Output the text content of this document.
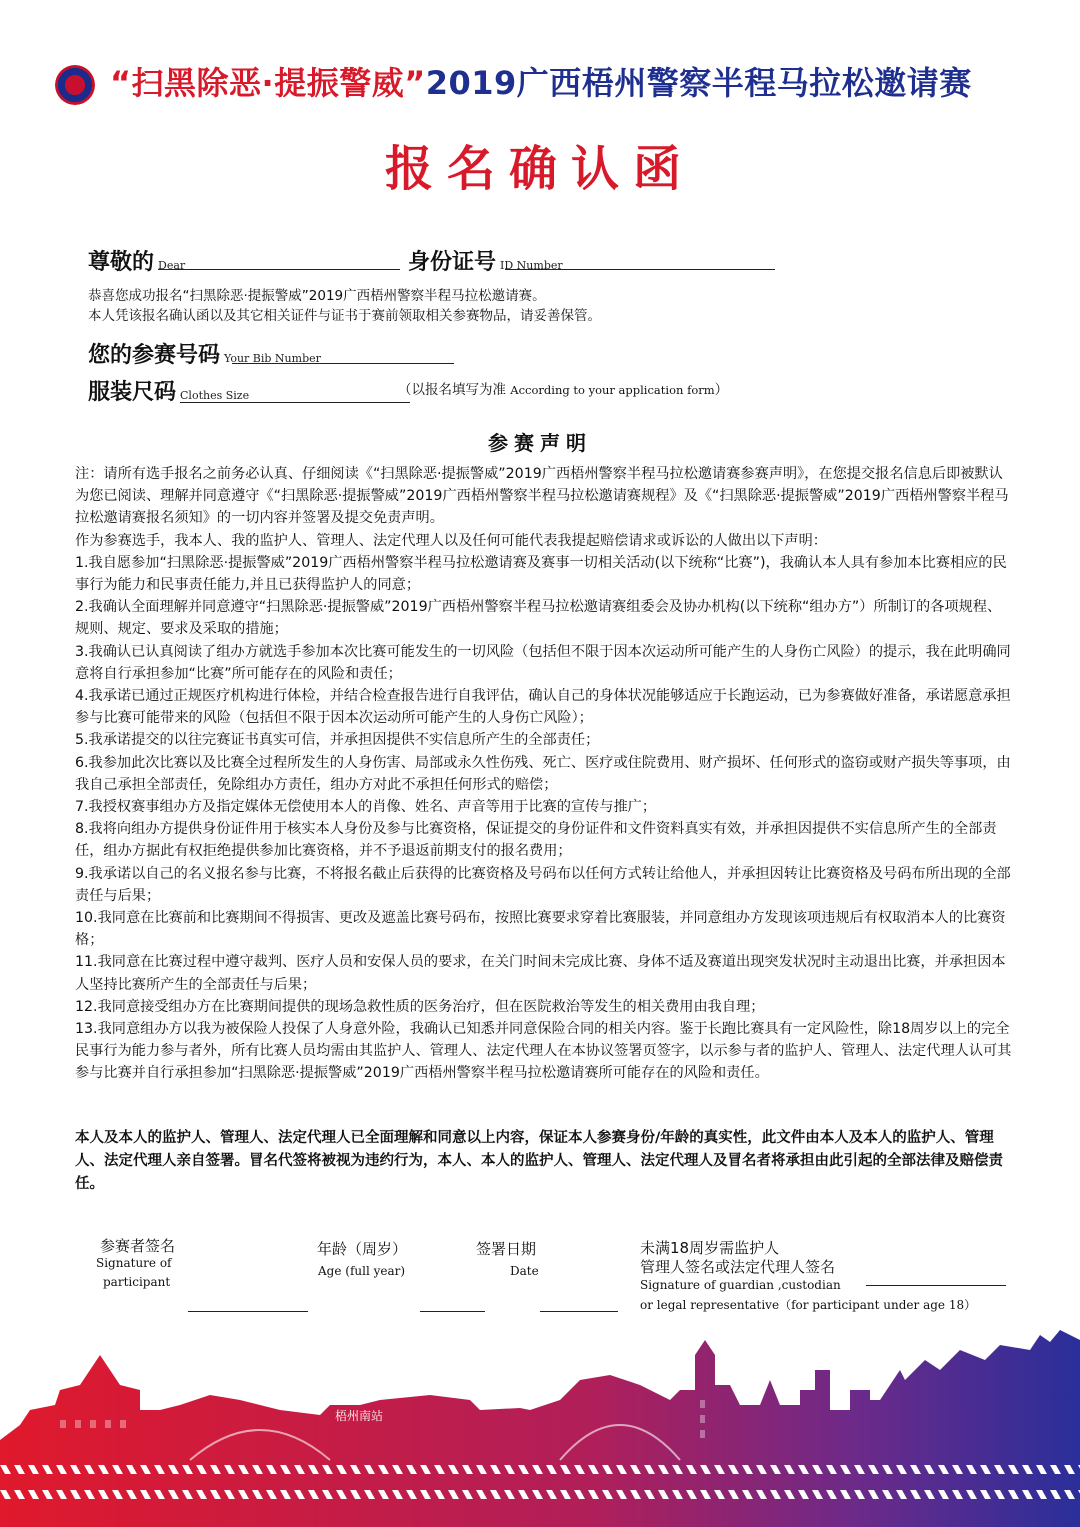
“扫黑除恶·提振警威”2019广西梧州警察半程马拉松邀请赛
报名确认函
尊敬的 Dear	身份证号 ID Number
恭喜您成功报名“扫黑除恶·提振警威”2019广西梧州警察半程马拉松邀请赛。
本人凭该报名确认函以及其它相关证件与证书于赛前领取相关参赛物品，请妥善保管。
您的参赛号码 Your Bib Number
服装尺码 Clothes Size	（以报名填写为准 According to your application form）
参赛声明

注：请所有选手报名之前务必认真、仔细阅读《“扫黑除恶·提振警威”2019广西梧州警察半程马拉松邀请赛参赛声明》，在您提交报名信息后即被默认为您已阅读、理解并同意遵守《“扫黑除恶·提振警威”2019广西梧州警察半程马拉松邀请赛规程》及《“扫黑除恶·提振警威”2019广西梧州警察半程马拉松邀请赛报名须知》的一切内容并签署及提交免责声明。

作为参赛选手，我本人、我的监护人、管理人、法定代理人以及任何可能代表我提起赔偿请求或诉讼的人做出以下声明：

1.我自愿参加“扫黑除恶·提振警威”2019广西梧州警察半程马拉松邀请赛及赛事一切相关活动(以下统称“比赛”)，我确认本人具有参加本比赛相应的民事行为能力和民事责任能力,并且已获得监护人的同意；

2.我确认全面理解并同意遵守“扫黑除恶·提振警威”2019广西梧州警察半程马拉松邀请赛组委会及协办机构(以下统称“组办方”）所制订的各项规程、规则、规定、要求及采取的措施；

3.我确认已认真阅读了组办方就选手参加本次比赛可能发生的一切风险（包括但不限于因本次运动所可能产生的人身伤亡风险）的提示，我在此明确同意将自行承担参加“比赛”所可能存在的风险和责任；

4.我承诺已通过正规医疗机构进行体检，并结合检查报告进行自我评估，确认自己的身体状况能够适应于长跑运动，已为参赛做好准备，承诺愿意承担参与比赛可能带来的风险（包括但不限于因本次运动所可能产生的人身伤亡风险）；

5.我承诺提交的以往完赛证书真实可信，并承担因提供不实信息所产生的全部责任；

6.我参加此次比赛以及比赛全过程所发生的人身伤害、局部或永久性伤残、死亡、医疗或住院费用、财产损坏、任何形式的盗窃或财产损失等事项，由我自己承担全部责任，免除组办方责任，组办方对此不承担任何形式的赔偿；

7.我授权赛事组办方及指定媒体无偿使用本人的肖像、姓名、声音等用于比赛的宣传与推广；

8.我将向组办方提供身份证件用于核实本人身份及参与比赛资格，保证提交的身份证件和文件资料真实有效，并承担因提供不实信息所产生的全部责任，组办方据此有权拒绝提供参加比赛资格，并不予退返前期支付的报名费用；

9.我承诺以自己的名义报名参与比赛，不将报名截止后获得的比赛资格及号码布以任何方式转让给他人，并承担因转让比赛资格及号码布所出现的全部责任与后果；

10.我同意在比赛前和比赛期间不得损害、更改及遮盖比赛号码布，按照比赛要求穿着比赛服装，并同意组办方发现该项违规后有权取消本人的比赛资格；

11.我同意在比赛过程中遵守裁判、医疗人员和安保人员的要求，在关门时间未完成比赛、身体不适及赛道出现突发状况时主动退出比赛，并承担因本人坚持比赛所产生的全部责任与后果；

12.我同意接受组办方在比赛期间提供的现场急救性质的医务治疗，但在医院救治等发生的相关费用由我自理；

13.我同意组办方以我为被保险人投保了人身意外险，我确认已知悉并同意保险合同的相关内容。鉴于长跑比赛具有一定风险性，除18周岁以上的完全民事行为能力参与者外，所有比赛人员均需由其监护人、管理人、法定代理人在本协议签署页签字，以示参与者的监护人、管理人、法定代理人认可其参与比赛并自行承担参加“扫黑除恶·提振警威”2019广西梧州警察半程马拉松邀请赛所可能存在的风险和责任。

本人及本人的监护人、管理人、法定代理人已全面理解和同意以上内容，保证本人参赛身份/年龄的真实性，此文件由本人及本人的监护人、管理人、法定代理人亲自签署。冒名代签将被视为违约行为，本人、本人的监护人、管理人、法定代理人及冒名者将承担由此引起的全部法律及赔偿责任。
参赛者签名
Signature of
participant
年龄（周岁）
Age (full year)
签署日期
Date
未满18周岁需监护人
管理人签名或法定代理人签名
Signature of guardian ,custodian
or legal representative（for participant under age 18）
梧州南站
